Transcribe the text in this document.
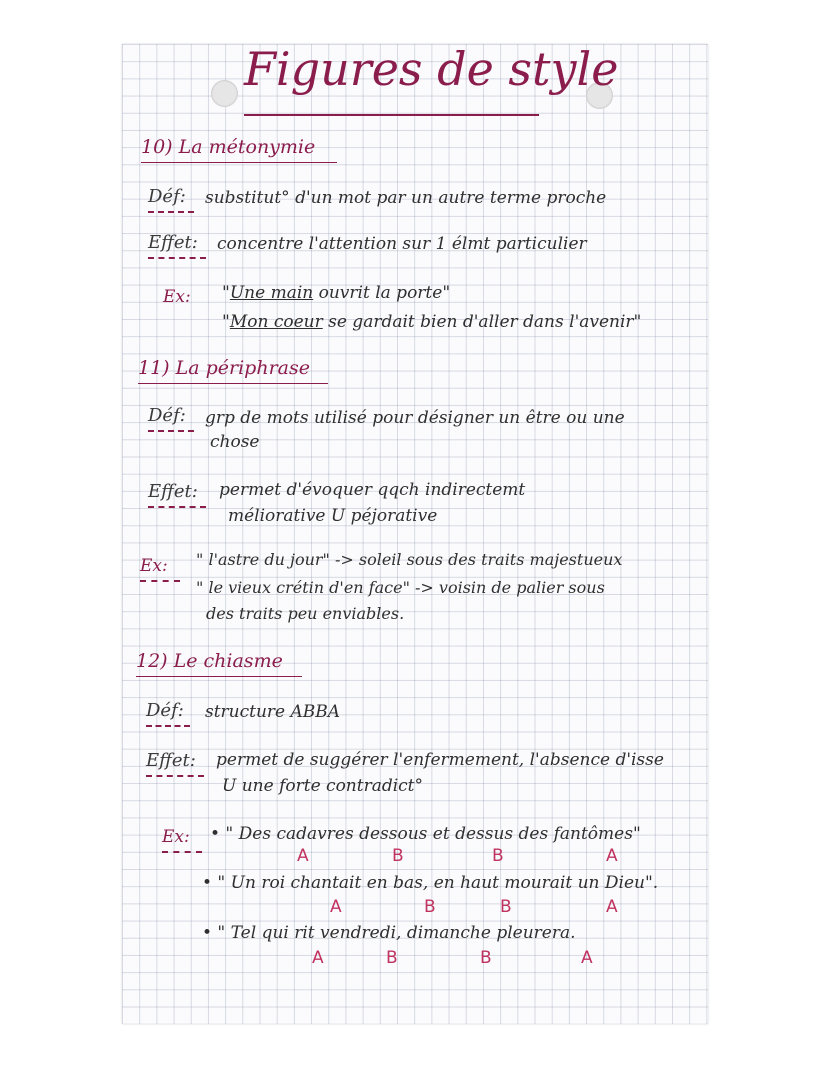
Figures de style
10) La métonymie
Déf: substitut° d'un mot par un autre terme proche
Effet: concentre l'attention sur 1 élmt particulier
Ex: "Une main ouvrit la porte"
"Mon coeur se gardait bien d'aller dans l'avenir"
11) La périphrase
Déf: grp de mots utilisé pour désigner un être ou une
chose
Effet: permet d'évoquer qqch indirectemt
méliorative U péjorative
Ex: " l'astre du jour" -> soleil sous des traits majestueux
" le vieux crétin d'en face" -> voisin de palier sous
des traits peu enviables.
12) Le chiasme
Déf: structure ABBA
Effet: permet de suggérer l'enfermement, l'absence d'isse
U une forte contradict°
Ex: • " Des cadavres dessous et dessus des fantômes"
A	B	B	A
• " Un roi chantait en bas, en haut mourait un Dieu".
A	B	B	A
• " Tel qui rit vendredi, dimanche pleurera.
A	B	B	A
